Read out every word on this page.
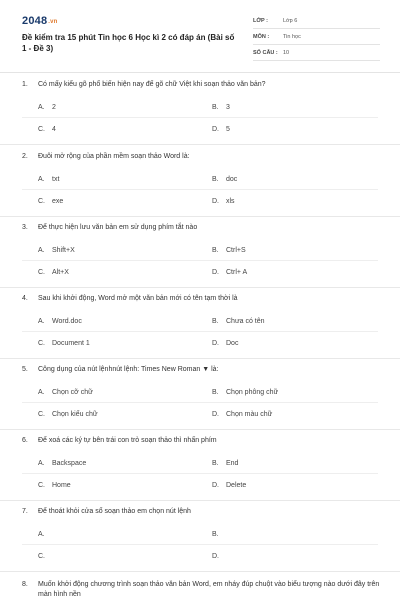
2048.vn
Đề kiểm tra 15 phút Tin học 6 Học kì 2 có đáp án (Bài số 1 - Đề 3)
LỚP :	Lớp 6
MÔN :	Tin học
SỐ CÂU : 10
1.	Có mấy kiểu gõ phổ biến hiện nay để gõ chữ Việt khi soạn thảo văn bản?
A. 2	B. 3
C. 4	D. 5
2.	Đuôi mở rộng của phần mềm soạn thảo Word là:
A. txt	B. doc
C. exe	D. xls
3.	Để thực hiện lưu văn bản em sử dụng phím tắt nào
A. Shift+X	B. Ctrl+S
C. Alt+X	D. Ctrl+ A
4.	Sau khi khởi động, Word mở một văn bản mới có tên tạm thời là
A. Word.doc	B. Chưa có tên
C. Document 1	D. Doc
5.	Công dụng của nút lệnhnút lệnh: Times New Roman ▼ là:
A. Chọn cỡ chữ	B. Chọn phông chữ
C. Chọn kiểu chữ	D. Chọn màu chữ
6.	Để xoá các ký tự bên trái con trỏ soạn thảo thì nhấn phím
A. Backspace	B. End
C. Home	D. Delete
7.	Để thoát khỏi cửa sổ soạn thảo em chọn nút lệnh
A.	B.
C.	D.
8.	Muốn khởi động chương trình soạn thảo văn bản Word, em nháy đúp chuột vào biểu tượng nào dưới đây trên màn hình nền
